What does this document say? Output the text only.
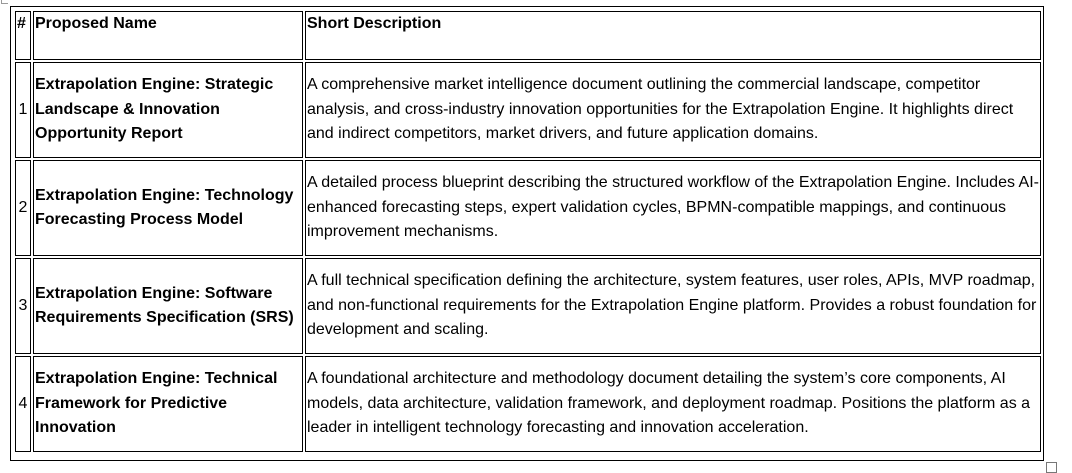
#	Proposed Name	Short Description
1	Extrapolation Engine: Strategic Landscape & Innovation Opportunity Report	A comprehensive market intelligence document outlining the commercial landscape, competitor analysis, and cross-industry innovation opportunities for the Extrapolation Engine. It highlights direct and indirect competitors, market drivers, and future application domains.
2	Extrapolation Engine: Technology Forecasting Process Model	A detailed process blueprint describing the structured workflow of the Extrapolation Engine. Includes AI-enhanced forecasting steps, expert validation cycles, BPMN-compatible mappings, and continuous improvement mechanisms.
3	Extrapolation Engine: Software Requirements Specification (SRS)	A full technical specification defining the architecture, system features, user roles, APIs, MVP roadmap, and non-functional requirements for the Extrapolation Engine platform. Provides a robust foundation for development and scaling.
4	Extrapolation Engine: Technical Framework for Predictive Innovation	A foundational architecture and methodology document detailing the system’s core components, AI models, data architecture, validation framework, and deployment roadmap. Positions the platform as a leader in intelligent technology forecasting and innovation acceleration.
